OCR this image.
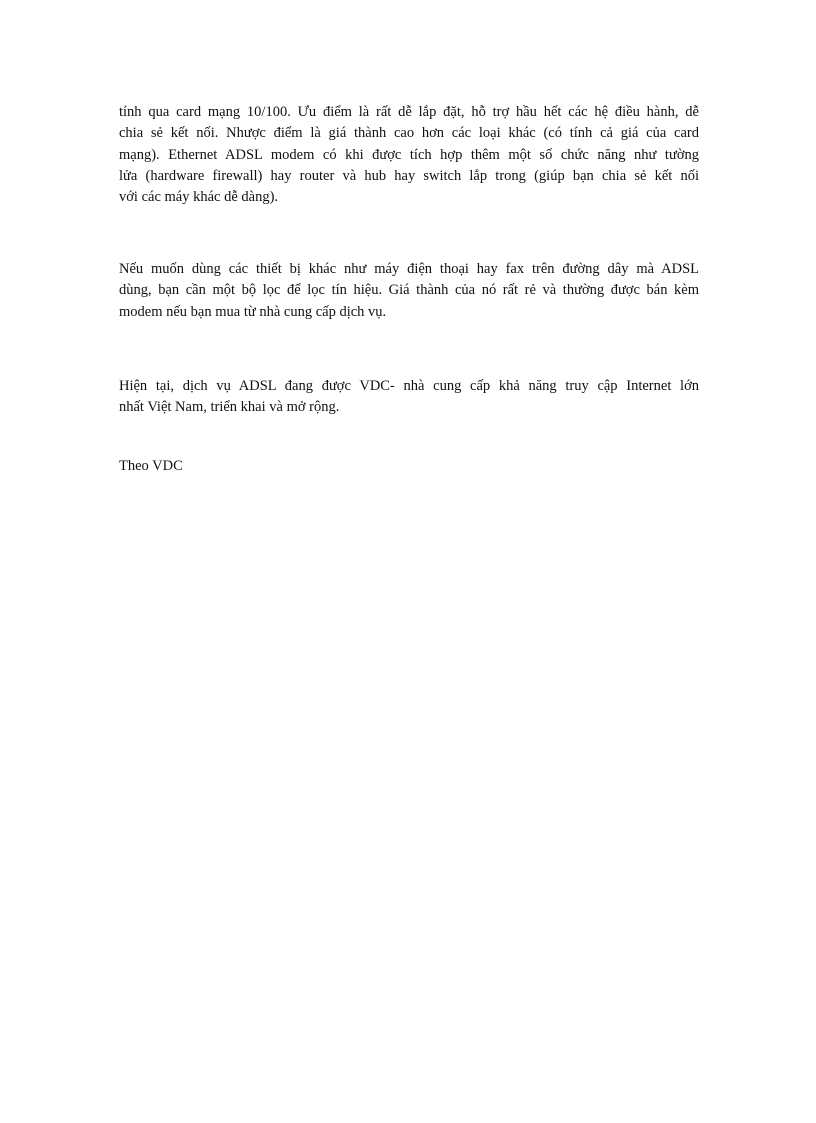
tính qua card mạng 10/100. Ưu điểm là rất dễ lắp đặt, hỗ trợ hầu hết các hệ điều hành, dễ
chia sẻ kết nối. Nhược điểm là giá thành cao hơn các loại khác (có tính cả giá của card
mạng). Ethernet ADSL modem có khi được tích hợp thêm một số chức năng như tường
lửa (hardware firewall) hay router và hub hay switch lắp trong (giúp bạn chia sẻ kết nối
với các máy khác dễ dàng).

Nếu muốn dùng các thiết bị khác như máy điện thoại hay fax trên đường dây mà ADSL
dùng, bạn cần một bộ lọc để lọc tín hiệu. Giá thành của nó rất rẻ và thường được bán kèm
modem nếu bạn mua từ nhà cung cấp dịch vụ.

Hiện tại, dịch vụ ADSL đang được VDC- nhà cung cấp khả năng truy cập Internet lớn
nhất Việt Nam, triển khai và mở rộng.

Theo VDC
